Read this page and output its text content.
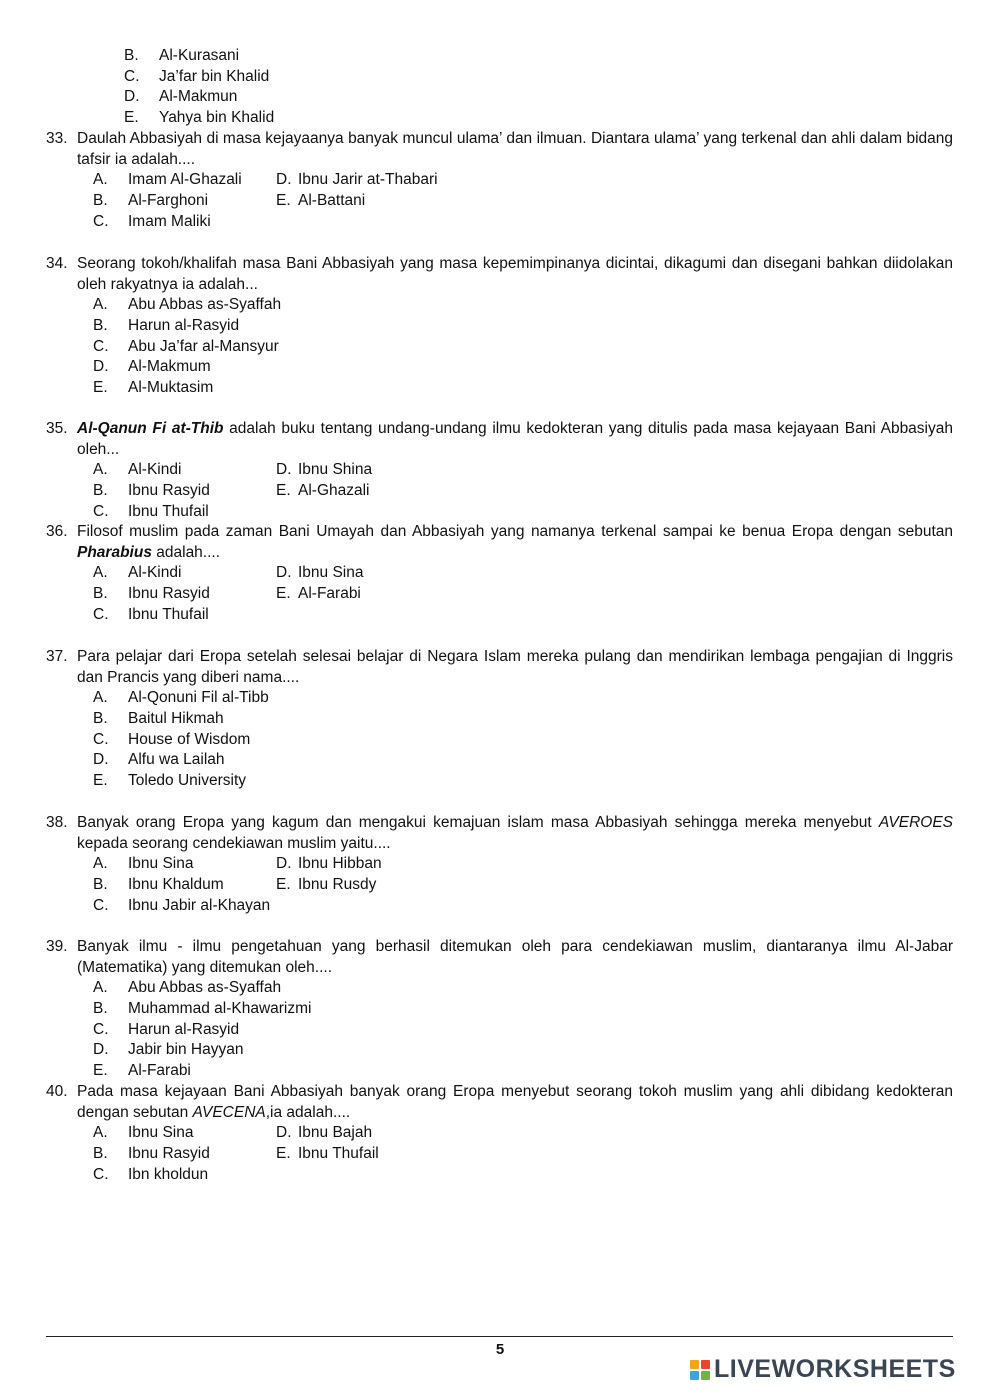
B. Al-Kurasani
C. Ja’far bin Khalid
D. Al-Makmun
E. Yahya bin Khalid
33. Daulah Abbasiyah di masa kejayaanya banyak muncul ulama’ dan ilmuan. Diantara ulama’ yang terkenal dan ahli dalam bidang tafsir ia adalah....
A. Imam Al-Ghazali D. Ibnu Jarir at-Thabari
B. Al-Farghoni	E. Al-Battani
C. Imam Maliki
34. Seorang tokoh/khalifah masa Bani Abbasiyah yang masa kepemimpinanya dicintai, dikagumi dan disegani bahkan diidolakan oleh rakyatnya ia adalah...
A. Abu Abbas as-Syaffah
B. Harun al-Rasyid
C. Abu Ja’far al-Mansyur
D. Al-Makmum
E. Al-Muktasim
35. Al-Qanun Fi at-Thib adalah buku tentang undang-undang ilmu kedokteran yang ditulis pada masa kejayaan Bani Abbasiyah oleh...
A. Al-Kindi	D. Ibnu Shina
B. Ibnu Rasyid	E. Al-Ghazali
C. Ibnu Thufail
36. Filosof muslim pada zaman Bani Umayah dan Abbasiyah yang namanya terkenal sampai ke benua Eropa dengan sebutan Pharabius adalah....
A. Al-Kindi	D. Ibnu Sina
B. Ibnu Rasyid	E. Al-Farabi
C. Ibnu Thufail
37. Para pelajar dari Eropa setelah selesai belajar di Negara Islam mereka pulang dan mendirikan lembaga pengajian di Inggris dan Prancis yang diberi nama....
A. Al-Qonuni Fil al-Tibb
B. Baitul Hikmah
C. House of Wisdom
D. Alfu wa Lailah
E. Toledo University
38. Banyak orang Eropa yang kagum dan mengakui kemajuan islam masa Abbasiyah sehingga mereka menyebut AVEROES kepada seorang cendekiawan muslim yaitu....
A. Ibnu Sina	D. Ibnu Hibban
B. Ibnu Khaldum	E. Ibnu Rusdy
C. Ibnu Jabir al-Khayan
39. Banyak ilmu - ilmu pengetahuan yang berhasil ditemukan oleh para cendekiawan muslim, diantaranya ilmu Al-Jabar (Matematika) yang ditemukan oleh....
A. Abu Abbas as-Syaffah
B. Muhammad al-Khawarizmi
C. Harun al-Rasyid
D. Jabir bin Hayyan
E. Al-Farabi
40. Pada masa kejayaan Bani Abbasiyah banyak orang Eropa menyebut seorang tokoh muslim yang ahli dibidang kedokteran dengan sebutan AVECENA,ia adalah....
A. Ibnu Sina	D. Ibnu Bajah
B. Ibnu Rasyid	E. Ibnu Thufail
C. Ibn kholdun
5
LIVEWORKSHEETS
